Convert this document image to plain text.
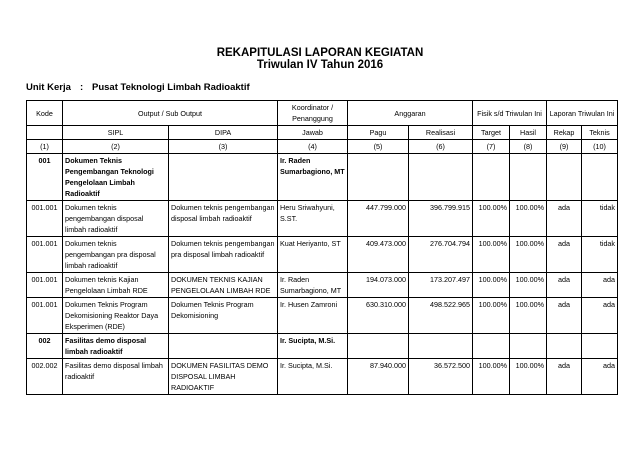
REKAPITULASI LAPORAN KEGIATAN
Triwulan IV Tahun 2016
Unit Kerja : Pusat Teknologi Limbah Radioaktif
Kode	Output / Sub Output		Koordinator / Penanggung	Anggaran		Fisik s/d Triwulan Ini		Laporan Triwulan Ini	

	SIPL	DIPA	Jawab	Pagu	Realisasi	Target	Hasil	Rekap	Teknis
(1)	(2)	(3)	(4)	(5)	(6)	(7)	(8)	(9)	(10)
001	Dokumen Teknis Pengembangan Teknologi Pengelolaan Limbah Radioaktif		Ir. Raden Sumarbagiono, MT						
001.001	Dokumen teknis pengembangan disposal limbah radioaktif	Dokumen teknis pengembangan disposal limbah radioaktif	Heru Sriwahyuni, S.ST.	447.799.000	396.799.915	100.00%	100.00%	ada	tidak
001.001	Dokumen teknis pengembangan pra disposal limbah radioaktif	Dokumen teknis pengembangan pra disposal limbah radioaktif	Kuat Heriyanto, ST	409.473.000	276.704.794	100.00%	100.00%	ada	tidak
001.001	Dokumen teknis Kajian Pengelolaan Limbah RDE	DOKUMEN TEKNIS KAJIAN PENGELOLAAN LIMBAH RDE	Ir. Raden Sumarbagiono, MT	194.073.000	173.207.497	100.00%	100.00%	ada	ada
001.001	Dokumen Teknis Program Dekomisioning Reaktor Daya Eksperimen (RDE)	Dokumen Teknis Program Dekomisioning	Ir. Husen Zamroni	630.310.000	498.522.965	100.00%	100.00%	ada	ada
002	Fasilitas demo disposal limbah radioaktif		Ir. Sucipta, M.Si.						
002.002	Fasilitas demo disposal limbah radioaktif	DOKUMEN FASILITAS DEMO DISPOSAL LIMBAH RADIOAKTIF	Ir. Sucipta, M.Si.	87.940.000	36.572.500	100.00%	100.00%	ada	ada
